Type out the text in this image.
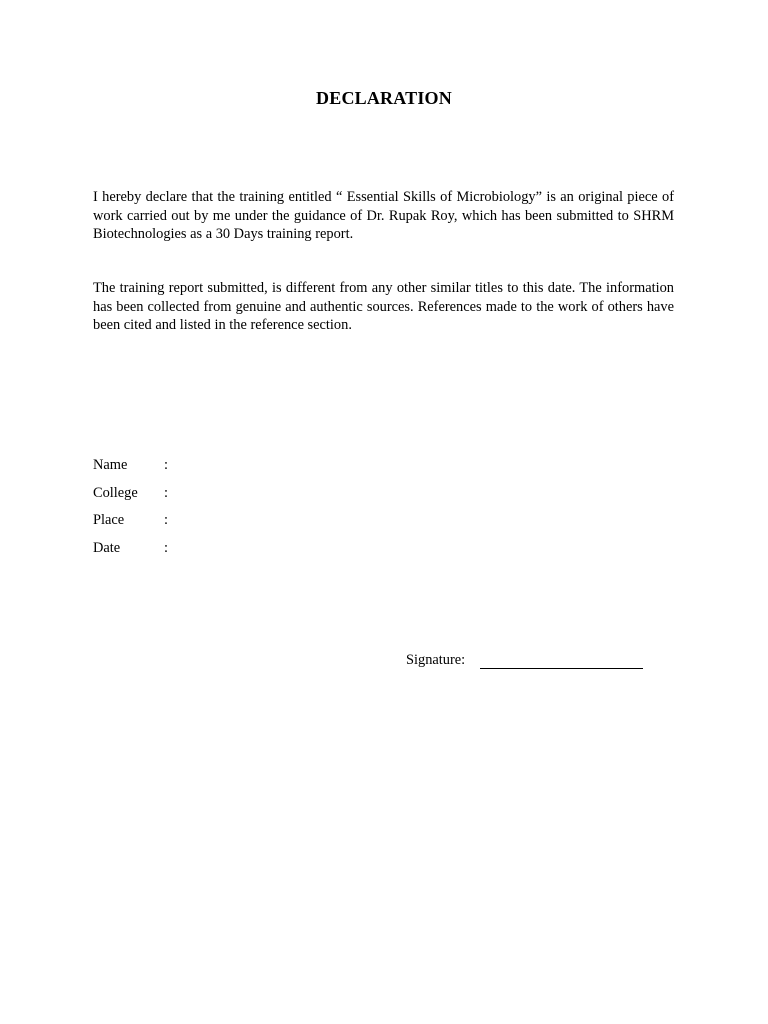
DECLARATION

I hereby declare that the training entitled “ Essential Skills of Microbiology” is an original piece of work carried out by me under the guidance of Dr. Rupak Roy, which has been submitted to SHRM Biotechnologies as a 30 Days training report.

The training report submitted, is different from any other similar titles to this date. The information has been collected from genuine and authentic sources. References made to the work of others have been cited and listed in the reference section.

Name	:
College :
Place	:
Date	:
Signature:
